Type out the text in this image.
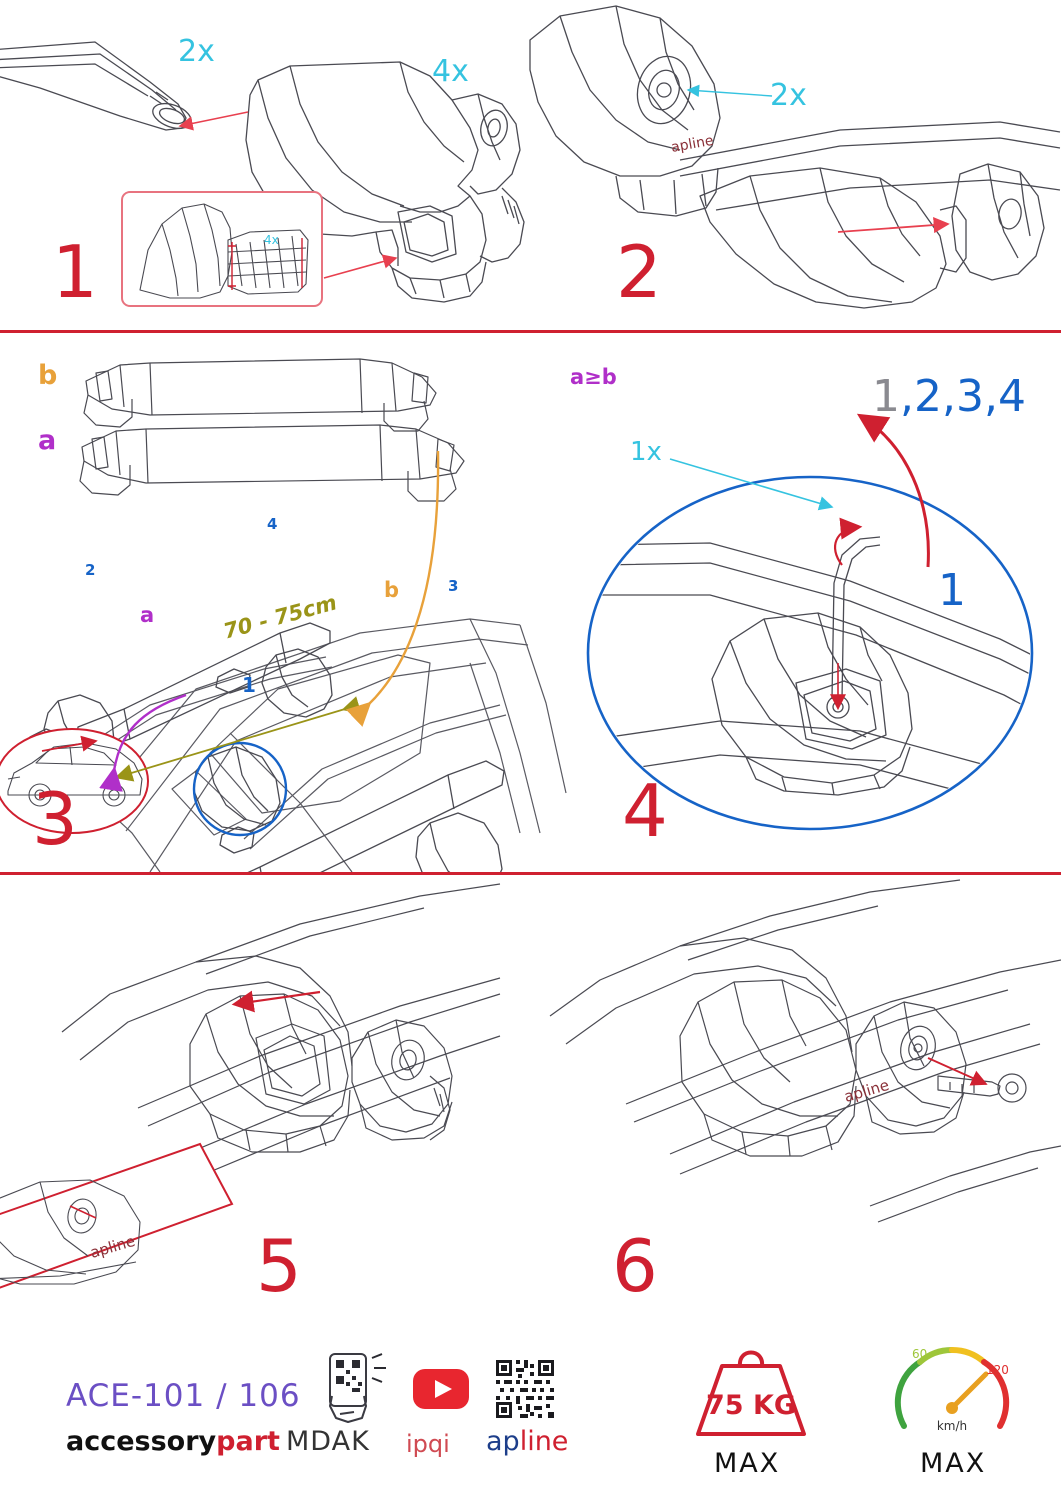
4x
2x
4x
1
apline
2x
2
b
a
a
b
70 - 75cm
1
2
3
4
3
a≥b
1x
1
1,2,3,4
4
apline 5
apline
6
ACE-101 / 106
accessorypart MDAK ipqi apline
75 KG
MAX
60
120
km/h
MAX
